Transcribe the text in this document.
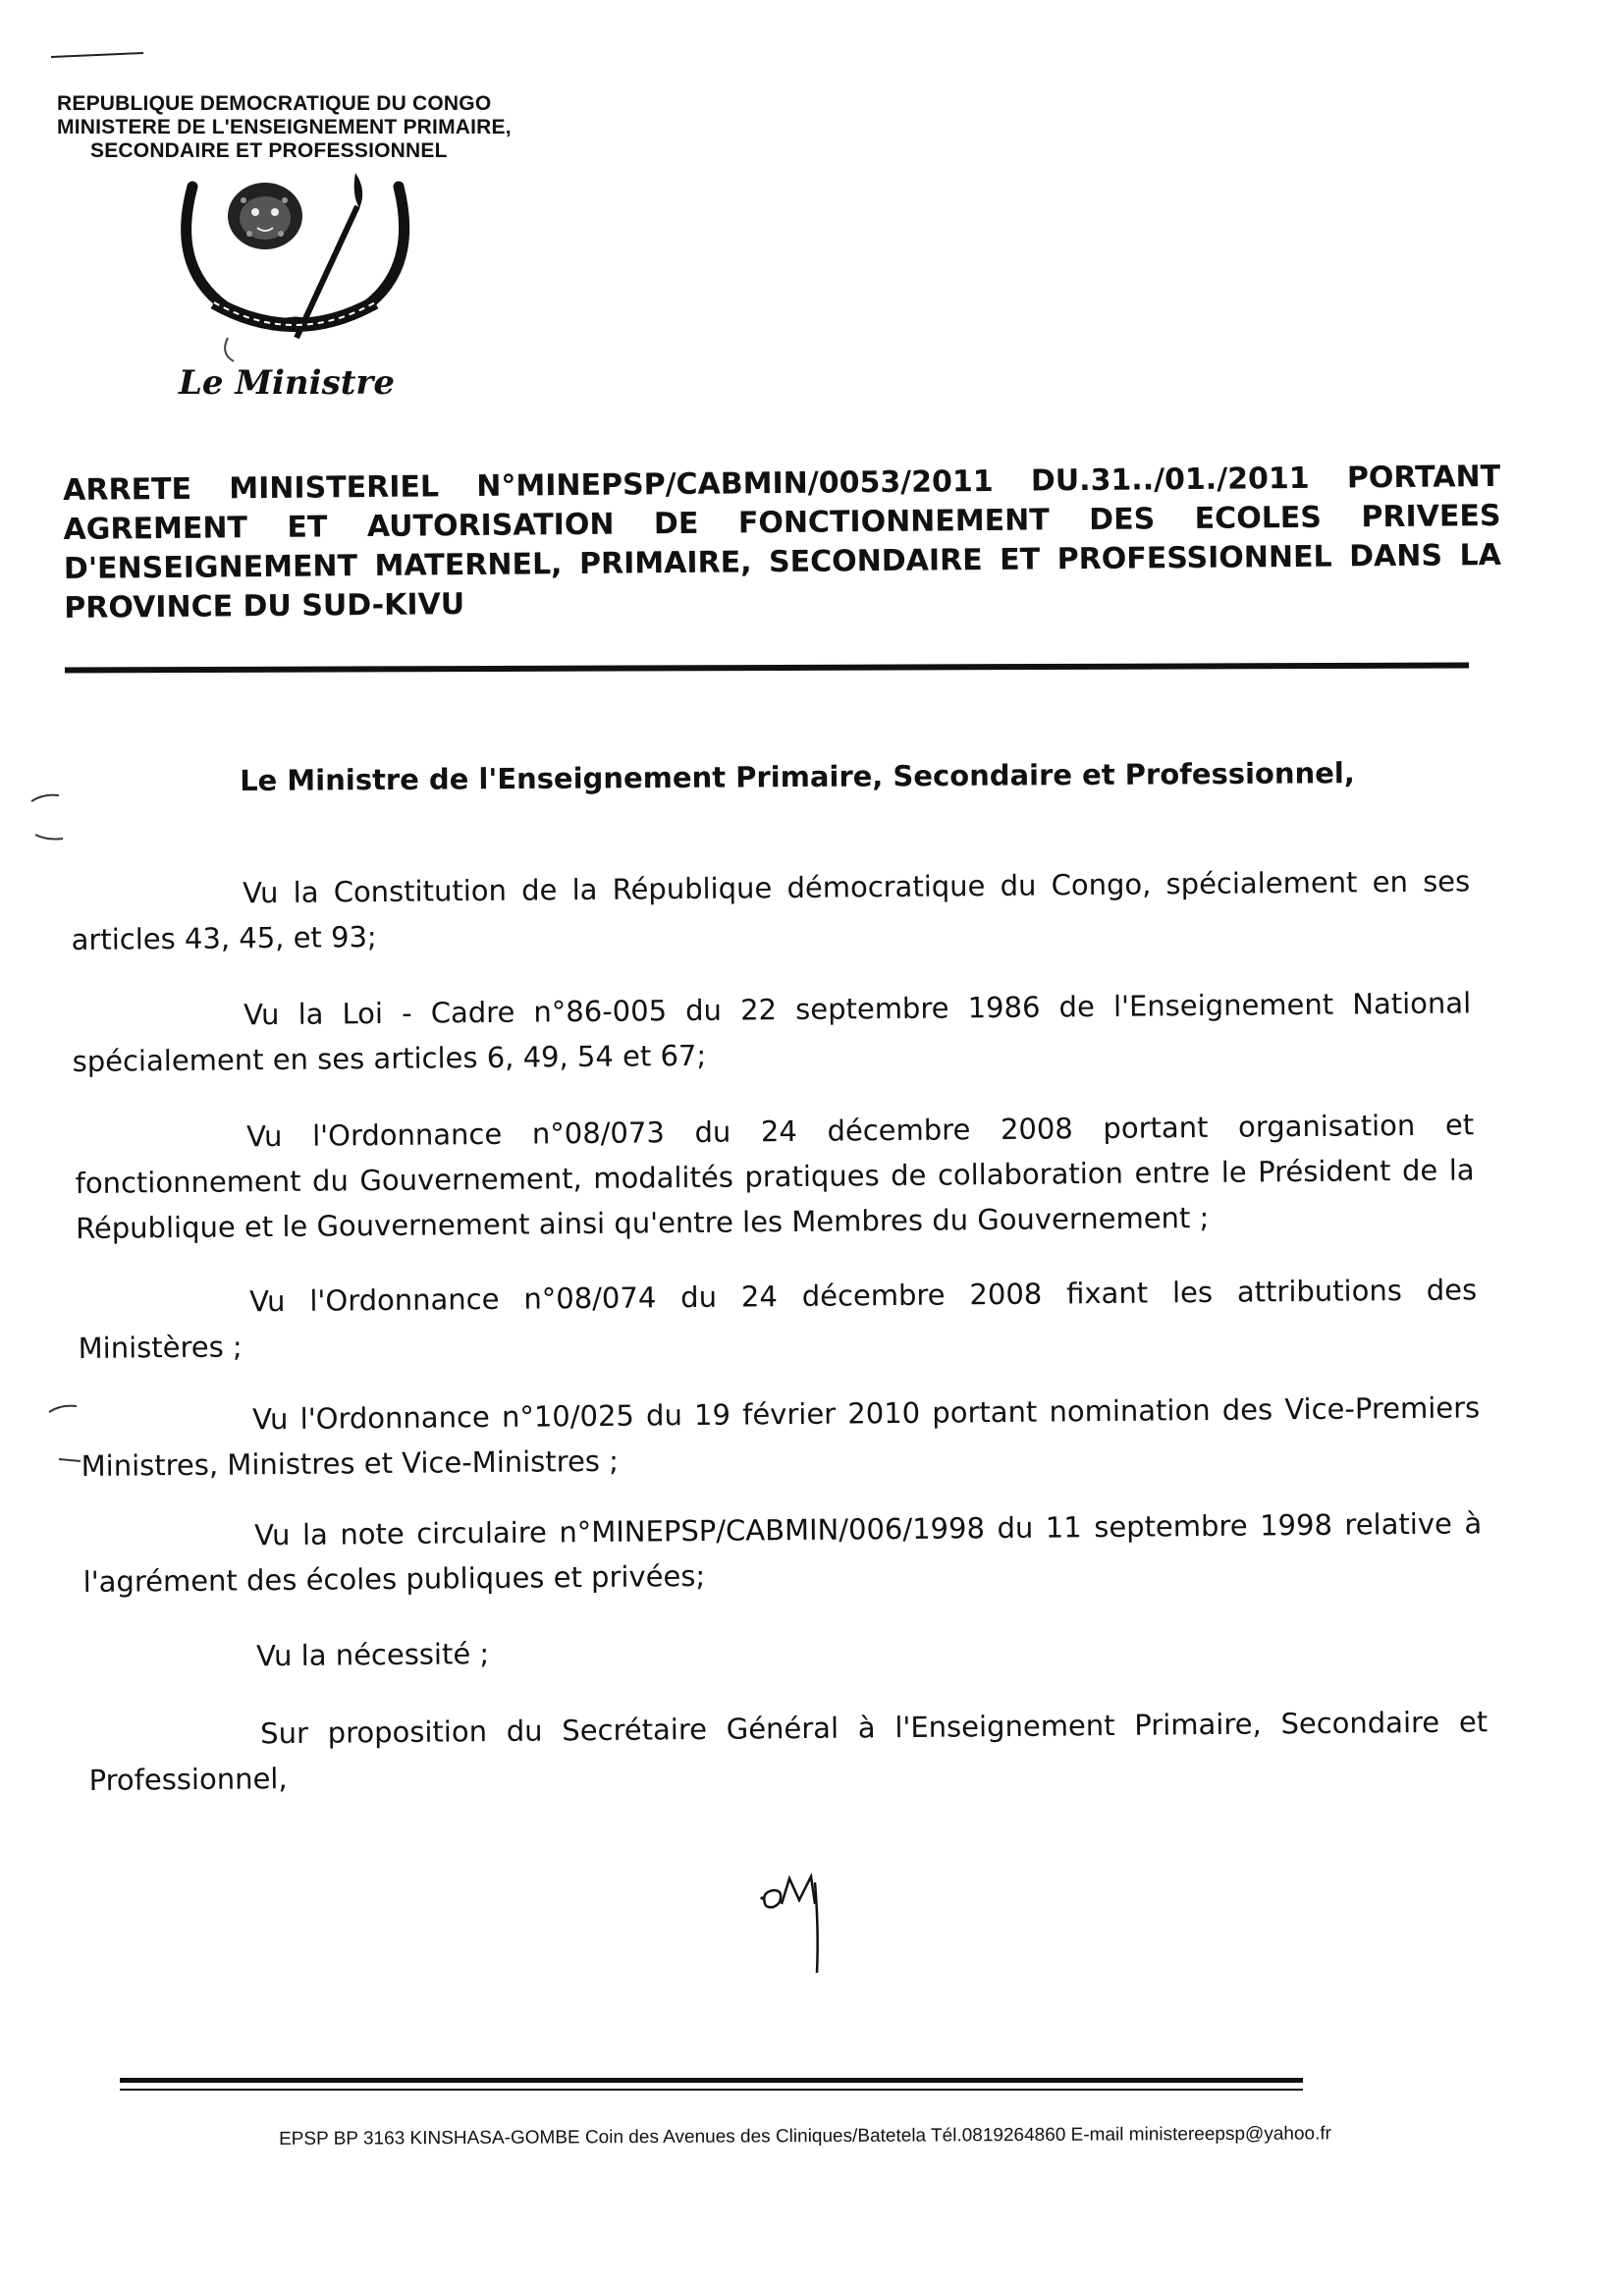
REPUBLIQUE DEMOCRATIQUE DU CONGO
MINISTERE DE L'ENSEIGNEMENT PRIMAIRE,
SECONDAIRE ET PROFESSIONNEL
Le Ministre
ARRETE MINISTERIEL N°MINEPSP/CABMIN/0053/2011 DU.31../01./2011 PORTANT AGREMENT ET AUTORISATION DE FONCTIONNEMENT DES ECOLES PRIVEES D'ENSEIGNEMENT MATERNEL, PRIMAIRE, SECONDAIRE ET PROFESSIONNEL DANS LA PROVINCE DU SUD-KIVU
Le Ministre de l'Enseignement Primaire, Secondaire et Professionnel,
Vu la Constitution de la République démocratique du Congo, spécialement en ses articles 43, 45, et 93;
Vu la Loi - Cadre n°86-005 du 22 septembre 1986 de l'Enseignement National spécialement en ses articles 6, 49, 54 et 67;
Vu l'Ordonnance n°08/073 du 24 décembre 2008 portant organisation et fonctionnement du Gouvernement, modalités pratiques de collaboration entre le Président de la République et le Gouvernement ainsi qu'entre les Membres du Gouvernement ;
Vu l'Ordonnance n°08/074 du 24 décembre 2008 fixant les attributions des Ministères ;
Vu l'Ordonnance n°10/025 du 19 février 2010 portant nomination des Vice-Premiers Ministres, Ministres et Vice-Ministres ;
Vu la note circulaire n°MINEPSP/CABMIN/006/1998 du 11 septembre 1998 relative à l'agrément des écoles publiques et privées;
Vu la nécessité ;
Sur proposition du Secrétaire Général à l'Enseignement Primaire, Secondaire et Professionnel,
EPSP BP 3163 KINSHASA-GOMBE Coin des Avenues des Cliniques/Batetela Tél.0819264860 E-mail ministereepsp@yahoo.fr
